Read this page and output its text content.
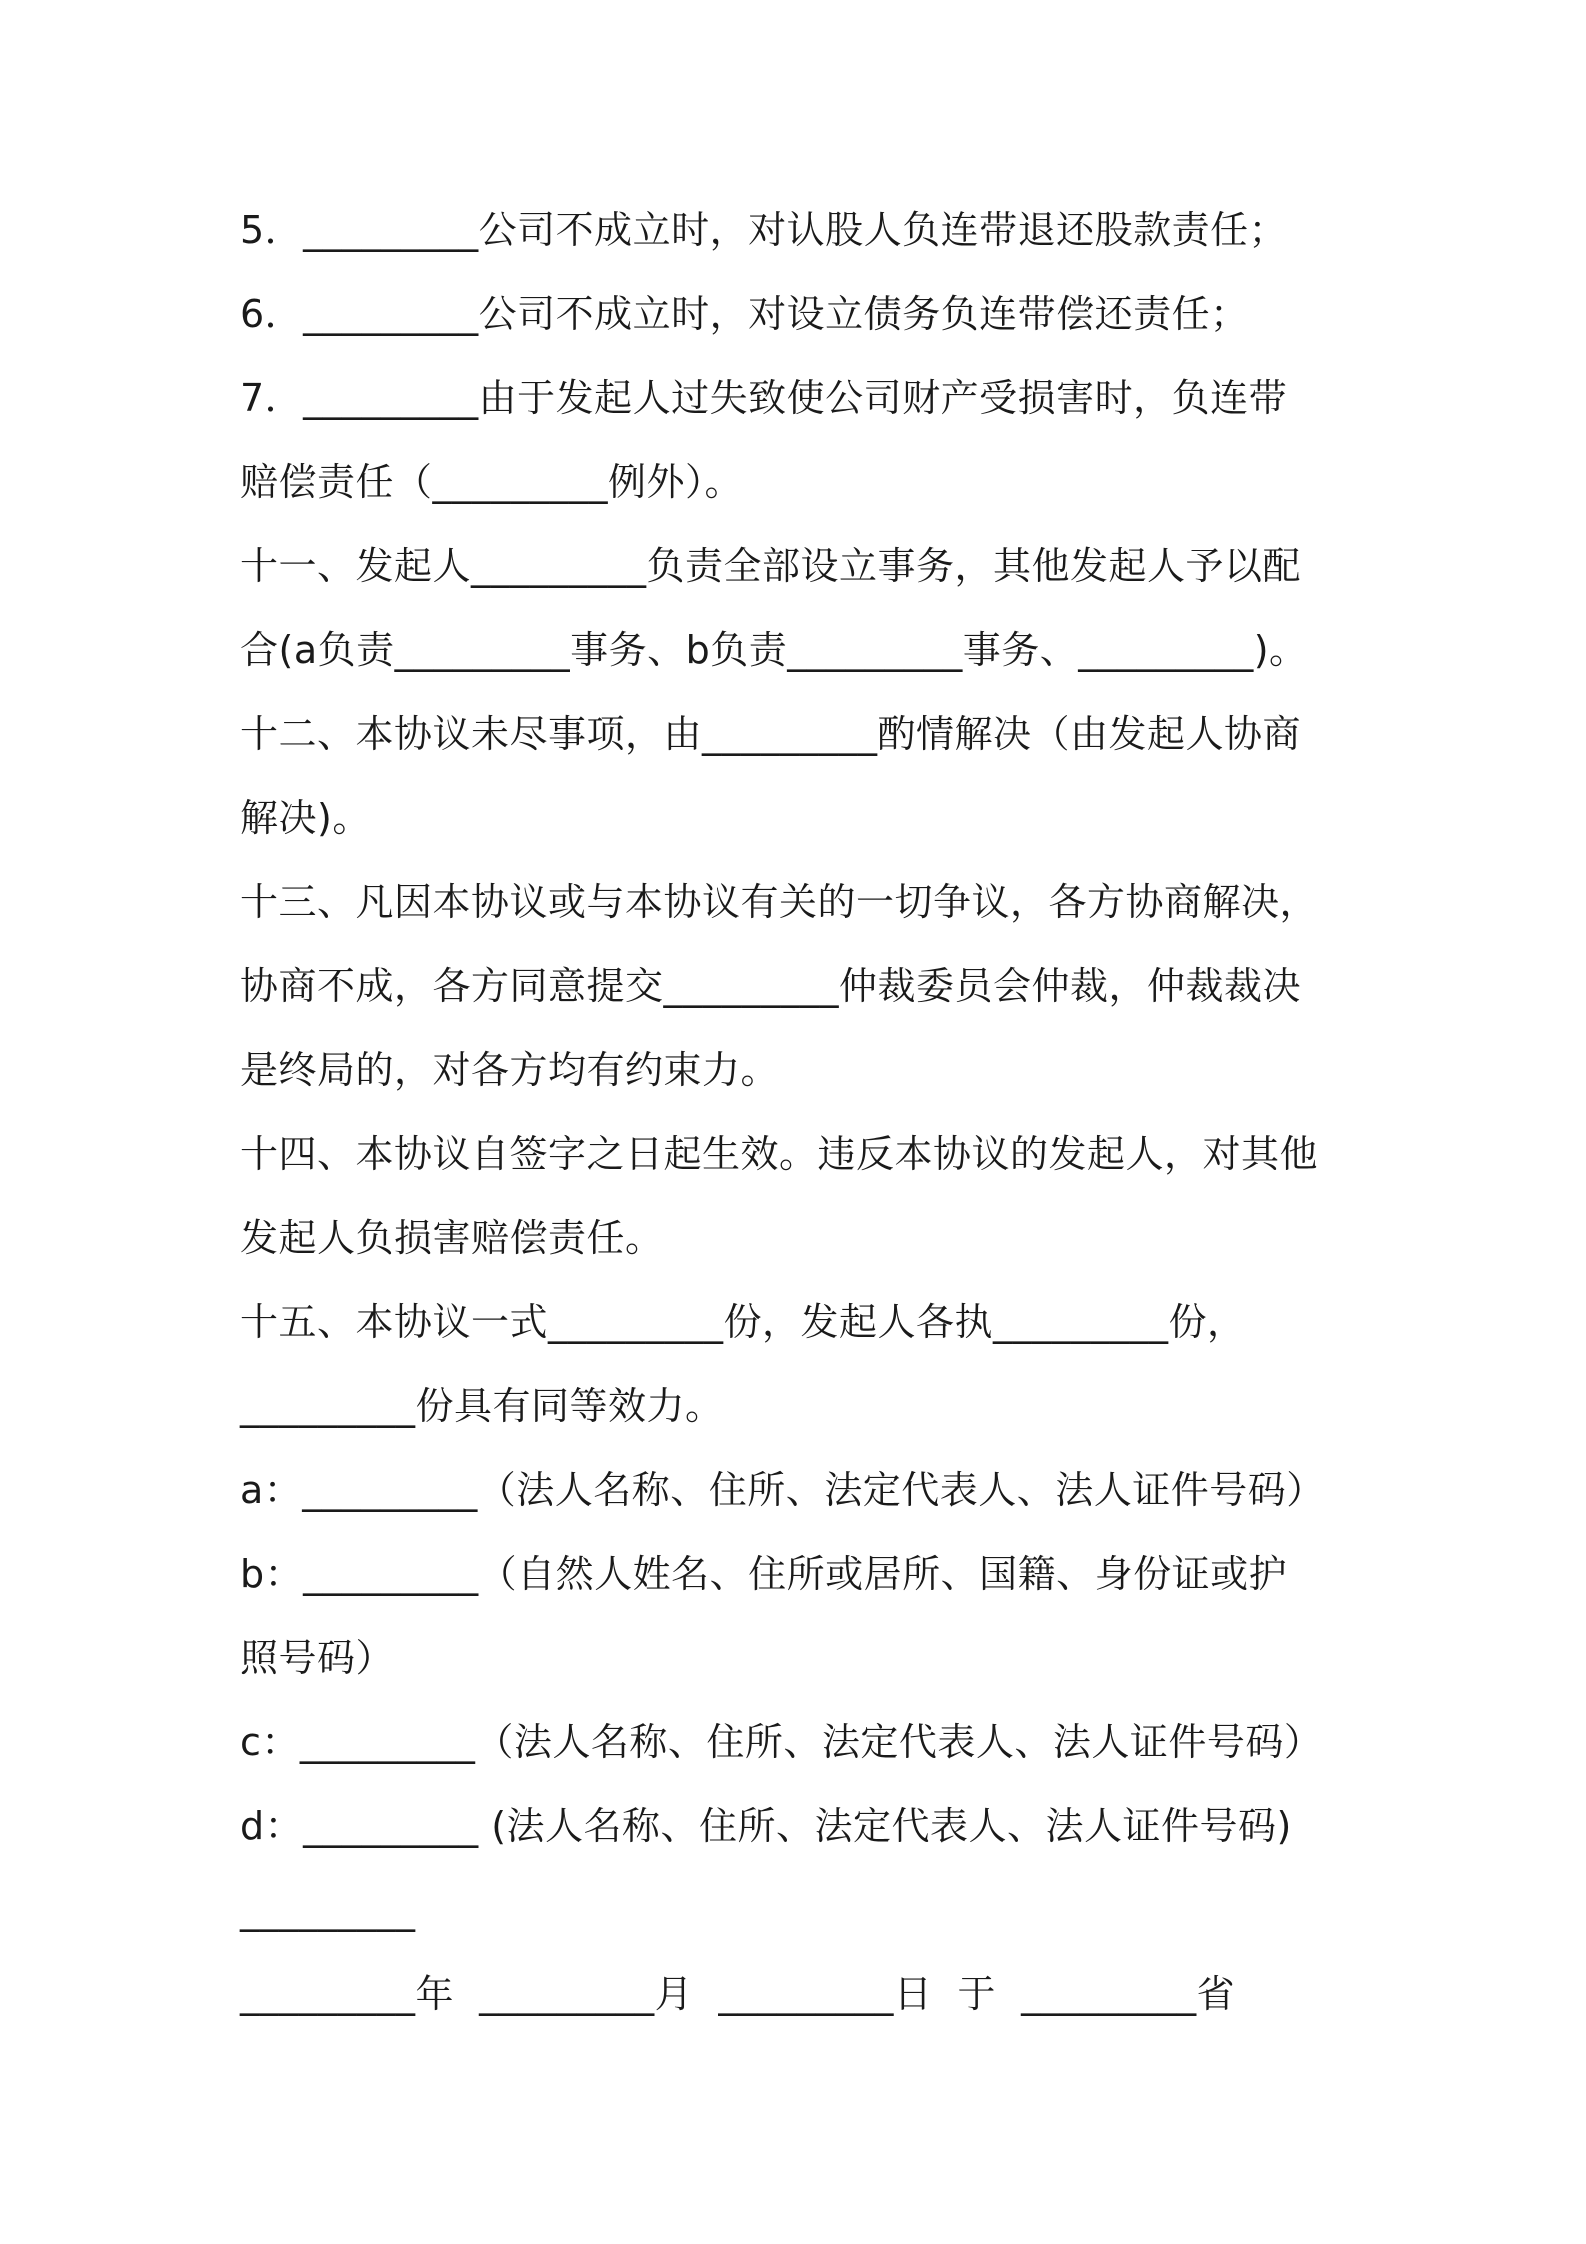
5．_________公司不成立时，对认股人负连带退还股款责任；

6．_________公司不成立时，对设立债务负连带偿还责任；

7．_________由于发起人过失致使公司财产受损害时，负连带

赔偿责任（_________例外）。

十一、发起人_________负责全部设立事务，其他发起人予以配

合(a负责_________事务、b负责_________事务、_________)。

十二、本协议未尽事项，由_________酌情解决（由发起人协商

解决)。

十三、凡因本协议或与本协议有关的一切争议，各方协商解决，

协商不成，各方同意提交_________仲裁委员会仲裁，仲裁裁决

是终局的，对各方均有约束力。

十四、本协议自签字之日起生效。违反本协议的发起人，对其他

发起人负损害赔偿责任。

十五、本协议一式_________份，发起人各执_________份，

_________份具有同等效力。

a：_________（法人名称、住所、法定代表人、法人证件号码）

b：_________（自然人姓名、住所或居所、国籍、身份证或护

照号码）

c：_________（法人名称、住所、法定代表人、法人证件号码）

d：_________ (法人名称、住所、法定代表人、法人证件号码)

_________

_________年  _________月  _________日  于  _________省
